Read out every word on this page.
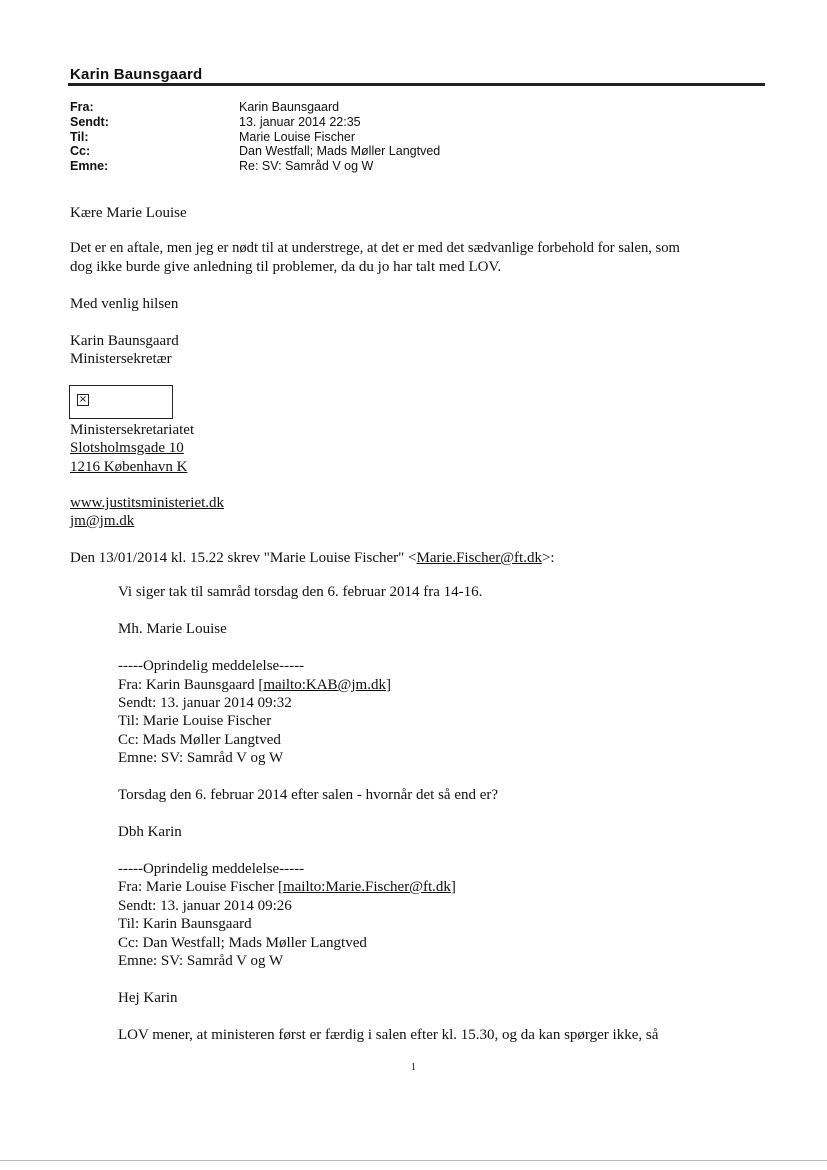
Karin Baunsgaard
Fra:	Karin Baunsgaard
Sendt:	13. januar 2014 22:35
Til:	Marie Louise Fischer
Cc:	Dan Westfall; Mads Møller Langtved
Emne:	Re: SV: Samråd V og W
Kære Marie Louise
Det er en aftale, men jeg er nødt til at understrege, at det er med det sædvanlige forbehold for salen, som
dog ikke burde give anledning til problemer, da du jo har talt med LOV.
Med venlig hilsen
Karin Baunsgaard
Ministersekretær
×
Ministersekretariatet
Slotsholmsgade 10
1216 København K
www.justitsministeriet.dk
jm@jm.dk
Den 13/01/2014 kl. 15.22 skrev "Marie Louise Fischer" <Marie.Fischer@ft.dk>:
Vi siger tak til samråd torsdag den 6. februar 2014 fra 14-16.
Mh. Marie Louise
-----Oprindelig meddelelse-----
Fra: Karin Baunsgaard [mailto:KAB@jm.dk]
Sendt: 13. januar 2014 09:32
Til: Marie Louise Fischer
Cc: Mads Møller Langtved
Emne: SV: Samråd V og W
Torsdag den 6. februar 2014 efter salen - hvornår det så end er?
Dbh Karin
-----Oprindelig meddelelse-----
Fra: Marie Louise Fischer [mailto:Marie.Fischer@ft.dk]
Sendt: 13. januar 2014 09:26
Til: Karin Baunsgaard
Cc: Dan Westfall; Mads Møller Langtved
Emne: SV: Samråd V og W
Hej Karin
LOV mener, at ministeren først er færdig i salen efter kl. 15.30, og da kan spørger ikke, så
1
